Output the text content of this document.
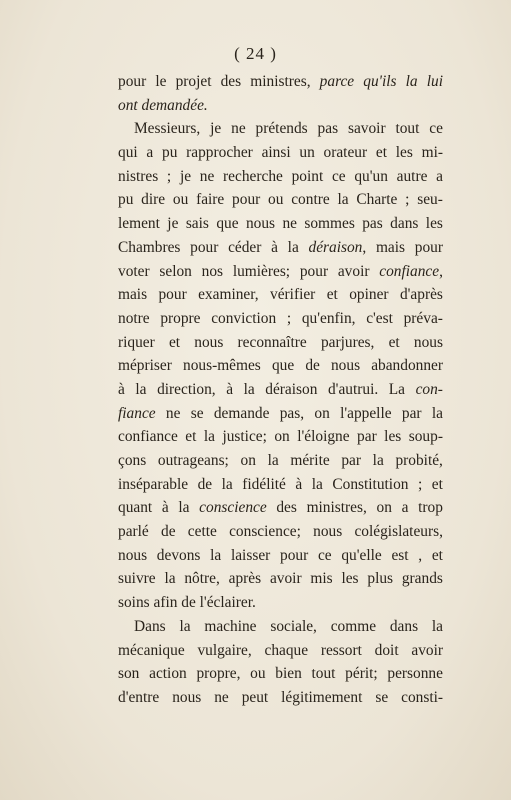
( 24 )
pour le projet des ministres, parce qu'ils la lui
ont demandée.
Messieurs, je ne prétends pas savoir tout ce
qui a pu rapprocher ainsi un orateur et les mi-
nistres ; je ne recherche point ce qu'un autre a
pu dire ou faire pour ou contre la Charte ; seu-
lement je sais que nous ne sommes pas dans les
Chambres pour céder à la déraison, mais pour
voter selon nos lumières; pour avoir confiance,
mais pour examiner, vérifier et opiner d'après
notre propre conviction ; qu'enfin, c'est préva-
riquer et nous reconnaître parjures, et nous
mépriser nous-mêmes que de nous abandonner
à la direction, à la déraison d'autrui. La con-
fiance ne se demande pas, on l'appelle par la
confiance et la justice; on l'éloigne par les soup-
çons outrageans; on la mérite par la probité,
inséparable de la fidélité à la Constitution ; et
quant à la conscience des ministres, on a trop
parlé de cette conscience; nous colégislateurs,
nous devons la laisser pour ce qu'elle est , et
suivre la nôtre, après avoir mis les plus grands
soins afin de l'éclairer.
Dans la machine sociale, comme dans la
mécanique vulgaire, chaque ressort doit avoir
son action propre, ou bien tout périt; personne
d'entre nous ne peut légitimement se consti-
